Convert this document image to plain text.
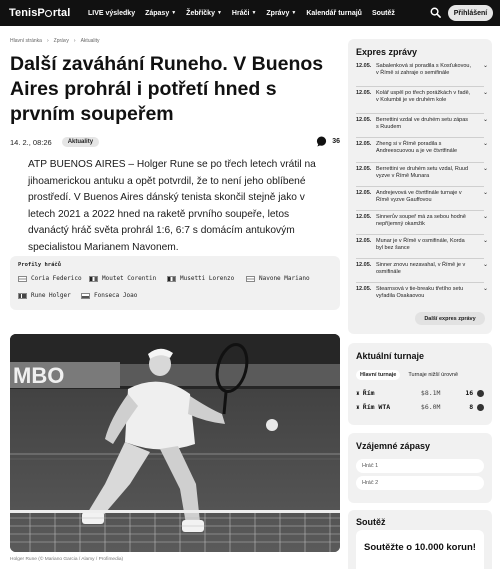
TenisP rtal	LIVE výsledky Zápasy ▼ Žebříčky ▼ Hráči ▼ Zprávy ▼ Kalendář turnajů Soutěž	Přihlášení
Hlavní stránka › Zprávy › Aktuality
Další zaváhání Runeho. V Buenos Aires prohrál i potřetí hned s prvním soupeřem
14. 2., 08:26	Aktuality	36

ATP BUENOS AIRES – Holger Rune se po třech letech vrátil na jihoamerickou antuku a opět potvrdil, že to není jeho oblíbené prostředí. V Buenos Aires dánský tenista skončil stejně jako v letech 2021 a 2022 hned na raketě prvního soupeře, letos dvanáctý hráč světa prohrál 1:6, 6:7 s domácím antukovým specialistou Marianem Navonem.

Profily hráčů
Coria Federico	Moutet Corentin	Musetti Lorenzo	Navone Mariano
Rune Holger	Fonseca Joao
MBO
Holger Rune (© Mariano Garcia / Alamy / Profimedia)
Expres zprávy
12.05. Sabalenková si poradila s Kosťukovou, v Římě si zahraje o semifinále
⌄
12.05. Kolář uspěl po třech porážkách v řadě, v Kolumbii je ve druhém kole
⌄
12.05. Berrettini vzdal ve druhém setu zápas s Ruudem
⌄
12.05. Zheng si v Římě poradila s Andreescuovou a je ve čtvrtfinále
⌄
12.05. Berrettini ve druhém setu vzdal, Ruud vyzve v Římě Munara
⌄
12.05. Andrejevová ve čtvrtfinále turnaje v Římě vyzve Gauffovou
⌄
12.05. Sinnerův soupeř má za sebou hodně nepříjemný okamžik
⌄
12.05. Munar je v Římě v osmifinále, Korda byl bez šance
⌄
12.05. Sinner znovu nezavahal, v Římě je v osmifinále
⌄
12.05. Stearnsová v tie-breaku třetího setu vyřadila Osakaovou
⌄
Další expres zprávy
Aktuální turnaje
Hlavní turnaje	Turnaje nižší úrovně
♜ Řím	$8.1M	16
♜ Řím WTA	$6.0M	8
Vzájemné zápasy
Hráč 1
Hráč 2
Soutěž
Soutěžte o 10.000 korun!
